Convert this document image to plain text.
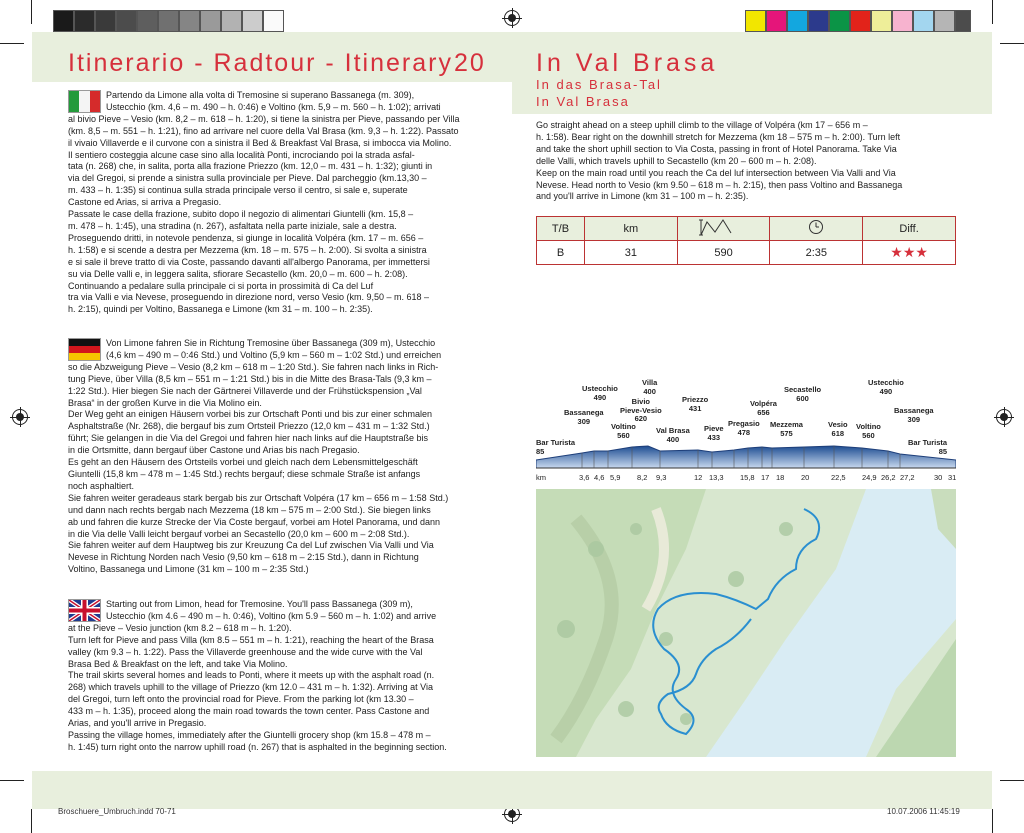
Itinerario - Radtour - Itinerary 20

Partendo da Limone alla volta di Tremosine si superano Bassanega (m. 309),

Ustecchio (km. 4,6 – m. 490 – h. 0:46) e Voltino (km. 5,9 – m. 560 – h. 1:02); arrivati

al bivio Pieve – Vesio (km. 8,2 – m. 618 – h. 1:20), si tiene la sinistra per Pieve, passando per Villa

(km. 8,5 – m. 551 – h. 1:21), fino ad arrivare nel cuore della Val Brasa (km. 9,3 – h. 1:22). Passato

il vivaio Villaverde e il curvone con a sinistra il Bed & Breakfast Val Brasa, si imbocca via Molino.

Il sentiero costeggia alcune case sino alla località Ponti, incrociando poi la strada asfal-

tata (n. 268) che, in salita, porta alla frazione Priezzo (km. 12,0 – m. 431 – h. 1:32); giunti in

via del Gregoi, si prende a sinistra sulla provinciale per Pieve. Dal parcheggio (km.13,30 –

m. 433 – h. 1:35) si continua sulla strada principale verso il centro, si sale e, superate

Castone ed Arias, si arriva a Pregasio.

Passate le case della frazione, subito dopo il negozio di alimentari Giuntelli (km. 15,8 –

m. 478 – h. 1:45), una stradina (n. 267), asfaltata nella parte iniziale, sale a destra.

Proseguendo dritti, in notevole pendenza, si giunge in località Volpéra (km. 17 – m. 656 –

h. 1:58) e si scende a destra per Mezzema (km. 18 – m. 575 – h. 2:00). Si svolta a sinistra

e si sale il breve tratto di via Coste, passando davanti all'albergo Panorama, per immettersi

su via Delle valli e, in leggera salita, sfiorare Secastello (km. 20,0 – m. 600 – h. 2:08).

Continuando a pedalare sulla principale ci si porta in prossimità di Ca del Luf

tra via Valli e via Nevese, proseguendo in direzione nord, verso Vesio (km. 9,50 – m. 618 –

h. 2:15), quindi per Voltino, Bassanega e Limone (km 31 – m. 100 – h. 2:35).

Von Limone fahren Sie in Richtung Tremosine über Bassanega (309 m), Ustecchio

(4,6 km – 490 m – 0:46 Std.) und Voltino (5,9 km – 560 m – 1:02 Std.) und erreichen

so die Abzweigung Pieve – Vesio (8,2 km – 618 m – 1:20 Std.). Sie fahren nach links in Rich-

tung Pieve, über Villa (8,5 km – 551 m – 1:21 Std.) bis in die Mitte des Brasa-Tals (9,3 km –

1:22 Std.). Hier biegen Sie nach der Gärtnerei Villaverde und der Frühstückspension „Val

Brasa“ in der großen Kurve in die Via Molino ein.

Der Weg geht an einigen Häusern vorbei bis zur Ortschaft Ponti und bis zur einer schmalen

Asphaltstraße (Nr. 268), die bergauf bis zum Ortsteil Priezzo (12,0 km – 431 m – 1:32 Std.)

führt; Sie gelangen in die Via del Gregoi und fahren hier nach links auf die Hauptstraße bis

in die Ortsmitte, dann bergauf über Castone und Arias bis nach Pregasio.

Es geht an den Häusern des Ortsteils vorbei und gleich nach dem Lebensmittelgeschäft

Giuntelli (15,8 km – 478 m – 1:45 Std.) rechts bergauf; diese schmale Straße ist anfangs

noch asphaltiert.

Sie fahren weiter geradeaus stark bergab bis zur Ortschaft Volpéra (17 km – 656 m – 1:58 Std.)

und dann nach rechts bergab nach Mezzema (18 km – 575 m – 2:00 Std.). Sie biegen links

ab und fahren die kurze Strecke der Via Coste bergauf, vorbei am Hotel Panorama, und dann

in die Via delle Valli leicht bergauf vorbei an Secastello (20,0 km – 600 m – 2:08 Std.).

Sie fahren weiter auf dem Hauptweg bis zur Kreuzung Ca del Luf zwischen Via Valli und Via

Nevese in Richtung Norden nach Vesio (9,50 km – 618 m – 2:15 Std.), dann in Richtung

Voltino, Bassanega und Limone (31 km – 100 m – 2:35 Std.)

Starting out from Limon, head for Tremosine. You'll pass Bassanega (309 m),

Ustecchio (km 4.6 – 490 m – h. 0:46), Voltino (km 5.9 – 560 m – h. 1:02) and arrive

at the Pieve – Vesio junction (km 8.2 – 618 m – h. 1:20).

Turn left for Pieve and pass Villa (km 8.5 – 551 m – h. 1:21), reaching the heart of the Brasa

valley (km 9.3 – h. 1:22). Pass the Villaverde greenhouse and the wide curve with the Val

Brasa Bed & Breakfast on the left, and take Via Molino.

The trail skirts several homes and leads to Ponti, where it meets up with the asphalt road (n.

268) which travels uphill to the village of Priezzo (km 12.0 – 431 m – h. 1:32). Arriving at Via

del Gregoi, turn left onto the provincial road for Pieve. From the parking lot (km 13.30 –

433 m – h. 1:35), proceed along the main road towards the town center. Pass Castone and

Arias, and you'll arrive in Pregasio.

Passing the village homes, immediately after the Giuntelli grocery shop (km 15.8 – 478 m –

h. 1:45) turn right onto the narrow uphill road (n. 267) that is asphalted in the beginning section.

In Val Brasa
In das Brasa-Tal
In Val Brasa

Go straight ahead on a steep uphill climb to the village of Volpéra (km 17 – 656 m –

h. 1:58). Bear right on the downhill stretch for Mezzema (km 18 – 575 m – h. 2:00). Turn left

and take the short uphill section to Via Costa, passing in front of Hotel Panorama. Take Via

delle Valli, which travels uphill to Secastello (km 20 – 600 m – h. 2:08).

Keep on the main road until you reach the Ca del luf intersection between Via Valli and Via

Nevese. Head north to Vesio (km 9.50 – 618 m – h. 2:15), then pass Voltino and Bassanega

and you'll arrive in Limone (km 31 – 100 m – h. 2:35).

T/B	km			Diff.
B	31	590	2:35	★★★
Bar Turista
85
Bassanega
309
Ustecchio
490
Voltino
560
Villa
400
Bivio
Pieve-Vesio
620
Val Brasa
400
Priezzo
431
Pieve
433
Pregasio
478
Volpéra
656
Mezzema
575
Secastello
600
Vesio
618
Voltino
560
Ustecchio
490
Bassanega
309
Bar Turista
85
km	3,6 4,6 5,9 8,2 9,3	12 13,3 15,8 17 18 20	22,5 24,9 26,2 27,2	30 31
Broschuere_Umbruch.indd 70-71	10.07.2006 11:45:19
